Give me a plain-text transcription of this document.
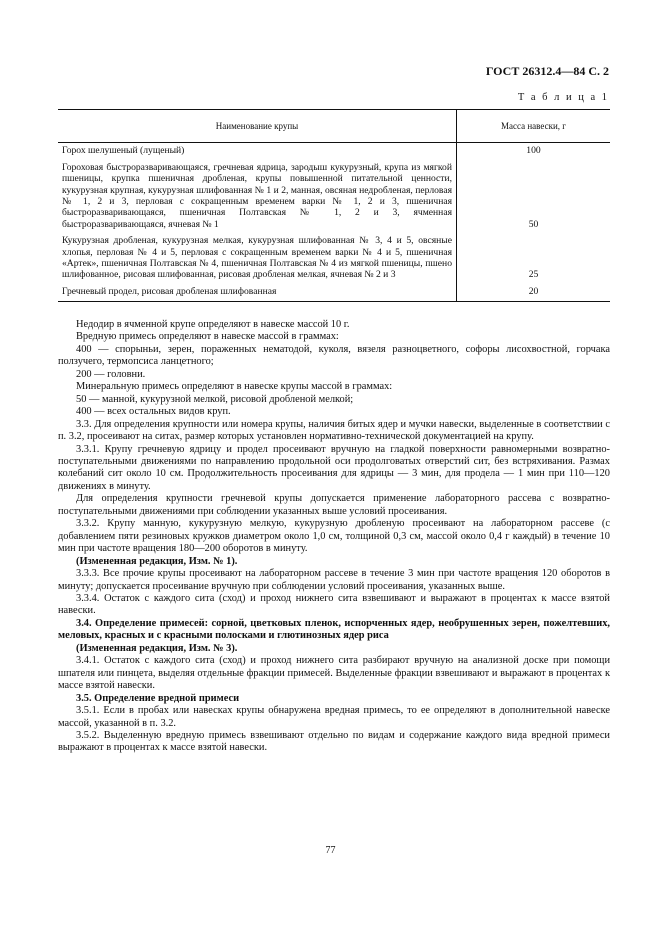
ГОСТ 26312.4—84 С. 2
Т а б л и ц а 1
Наименование крупы	Масса навески, г

Горох шелушеный (лущеный)	100

Гороховая быстроразваривающаяся, гречневая ядрица, зародыш кукурузный, крупа из мягкой пшеницы, крупка пшеничная дробленая, крупы повышенной питательной ценности, кукурузная крупная, кукурузная шлифованная № 1 и 2, манная, овсяная недробленая, перловая № 1, 2 и 3, перловая с сокращенным временем варки № 1, 2 и 3, пшеничная быстроразваривающаяся, пшеничная Полтавская № 1, 2 и 3, ячменная быстроразваривающаяся, ячневая № 1	50

Кукурузная дробленая, кукурузная мелкая, кукурузная шлифованная № 3, 4 и 5, овсяные хлопья, перловая № 4 и 5, перловая с сокращенным временем варки № 4 и 5, пшеничная «Артек», пшеничная Полтавская № 4, пшеничная Полтавская № 4 из мягкой пшеницы, пшено шлифованное, рисовая шлифованная, рисовая дробленая мелкая, ячневая № 2 и 3	25

Гречневый продел, рисовая дробленая шлифованная	20

Недодир в ячменной крупе определяют в навеске массой 10 г.

Вредную примесь определяют в навеске массой в граммах:

400 — спорыньи, зерен, пораженных нематодой, куколя, вязеля разноцветного, софоры лисохвостной, горчака ползучего, термопсиса ланцетного;

200 — головни.

Минеральную примесь определяют в навеске крупы массой в граммах:

50 — манной, кукурузной мелкой, рисовой дробленой мелкой;

400 — всех остальных видов круп.

3.3. Для определения крупности или номера крупы, наличия битых ядер и мучки навески, выделенные в соответствии с п. 3.2, просеивают на ситах, размер которых установлен нормативно-технической документацией на крупу.

3.3.1. Крупу гречневую ядрицу и продел просеивают вручную на гладкой поверхности равномерными возвратно-поступательными движениями по направлению продольной оси продолговатых отверстий сит, без встряхивания. Размах колебаний сит около 10 см. Продолжительность просеивания для ядрицы — 3 мин, для продела — 1 мин при 110—120 движениях в минуту.

Для определения крупности гречневой крупы допускается применение лабораторного рассева с возвратно-поступательными движениями при соблюдении указанных выше условий просеивания.

3.3.2. Крупу манную, кукурузную мелкую, кукурузную дробленую просеивают на лабораторном рассеве (с добавлением пяти резиновых кружков диаметром около 1,0 см, толщиной 0,3 см, массой около 0,4 г каждый) в течение 10 мин при частоте вращения 180—200 оборотов в минуту.

(Измененная редакция, Изм. № 1).

3.3.3. Все прочие крупы просеивают на лабораторном рассеве в течение 3 мин при частоте вращения 120 оборотов в минуту; допускается просеивание вручную при соблюдении условий просеивания, указанных выше.

3.3.4. Остаток с каждого сита (сход) и проход нижнего сита взвешивают и выражают в процентах к массе взятой навески.

3.4. Определение примесей: сорной, цветковых пленок, испорченных ядер, необрушенных зерен, пожелтевших, меловых, красных и с красными полосками и глютинозных ядер риса

(Измененная редакция, Изм. № 3).

3.4.1. Остаток с каждого сита (сход) и проход нижнего сита разбирают вручную на анализной доске при помощи шпателя или пинцета, выделяя отдельные фракции примесей. Выделенные фракции взвешивают и выражают в процентах к массе взятой навески.

3.5. Определение вредной примеси

3.5.1. Если в пробах или навесках крупы обнаружена вредная примесь, то ее определяют в дополнительной навеске массой, указанной в п. 3.2.

3.5.2. Выделенную вредную примесь взвешивают отдельно по видам и содержание каждого вида вредной примеси выражают в процентах к массе взятой навески.

77
